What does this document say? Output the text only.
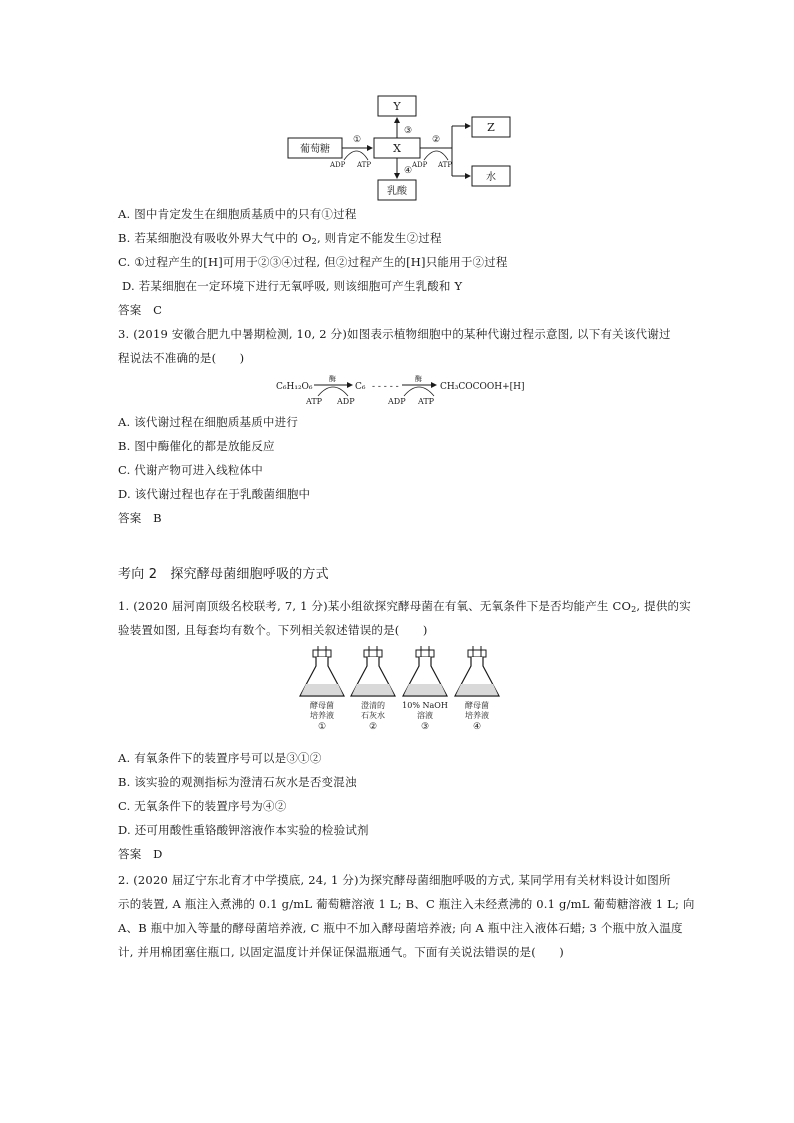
Y
③
葡萄糖
①
ADP ATP
X
④
乳酸
②
ADP ATP
Z
水
A. 图中肯定发生在细胞质基质中的只有①过程
B. 若某细胞没有吸收外界大气中的 $O_2$, 则肯定不能发生②过程
C. ①过程产生的[H]可用于②③④过程, 但②过程产生的[H]只能用于②过程
D. 若某细胞在一定环境下进行无氧呼吸, 则该细胞可产生乳酸和 Y
答案　C
3. (2019 安徽合肥九中暑期检测, 10, 2 分)如图表示植物细胞中的某种代谢过程示意图, 以下有关该代谢过
程说法不准确的是(　　)
C₆H₁₂O₆
酶
ATP ADP
C₆ - - - - -
酶
ADP ATP
CH₃COCOOH+[H]
A. 该代谢过程在细胞质基质中进行
B. 图中酶催化的都是放能反应
C. 代谢产物可进入线粒体中
D. 该代谢过程也存在于乳酸菌细胞中
答案　B
考向 2　探究酵母菌细胞呼吸的方式
1. (2020 届河南顶级名校联考, 7, 1 分)某小组欲探究酵母菌在有氧、无氧条件下是否均能产生 $CO_2$, 提供的实
验装置如图, 且每套均有数个。下列相关叙述错误的是(　　)
酵母菌
培养液
①
澄清的
石灰水
②
10% NaOH
溶液
③
酵母菌
培养液
④
A. 有氧条件下的装置序号可以是③①②
B. 该实验的观测指标为澄清石灰水是否变混浊
C. 无氧条件下的装置序号为④②
D. 还可用酸性重铬酸钾溶液作本实验的检验试剂
答案　D
2. (2020 届辽宁东北育才中学摸底, 24, 1 分)为探究酵母菌细胞呼吸的方式, 某同学用有关材料设计如图所
示的装置, A 瓶注入煮沸的 0.1 g/mL 葡萄糖溶液 1 L; B、C 瓶注入未经煮沸的 0.1 g/mL 葡萄糖溶液 1 L; 向
A、B 瓶中加入等量的酵母菌培养液, C 瓶中不加入酵母菌培养液; 向 A 瓶中注入液体石蜡; 3 个瓶中放入温度
计, 并用棉团塞住瓶口, 以固定温度计并保证保温瓶通气。下面有关说法错误的是(　　)
